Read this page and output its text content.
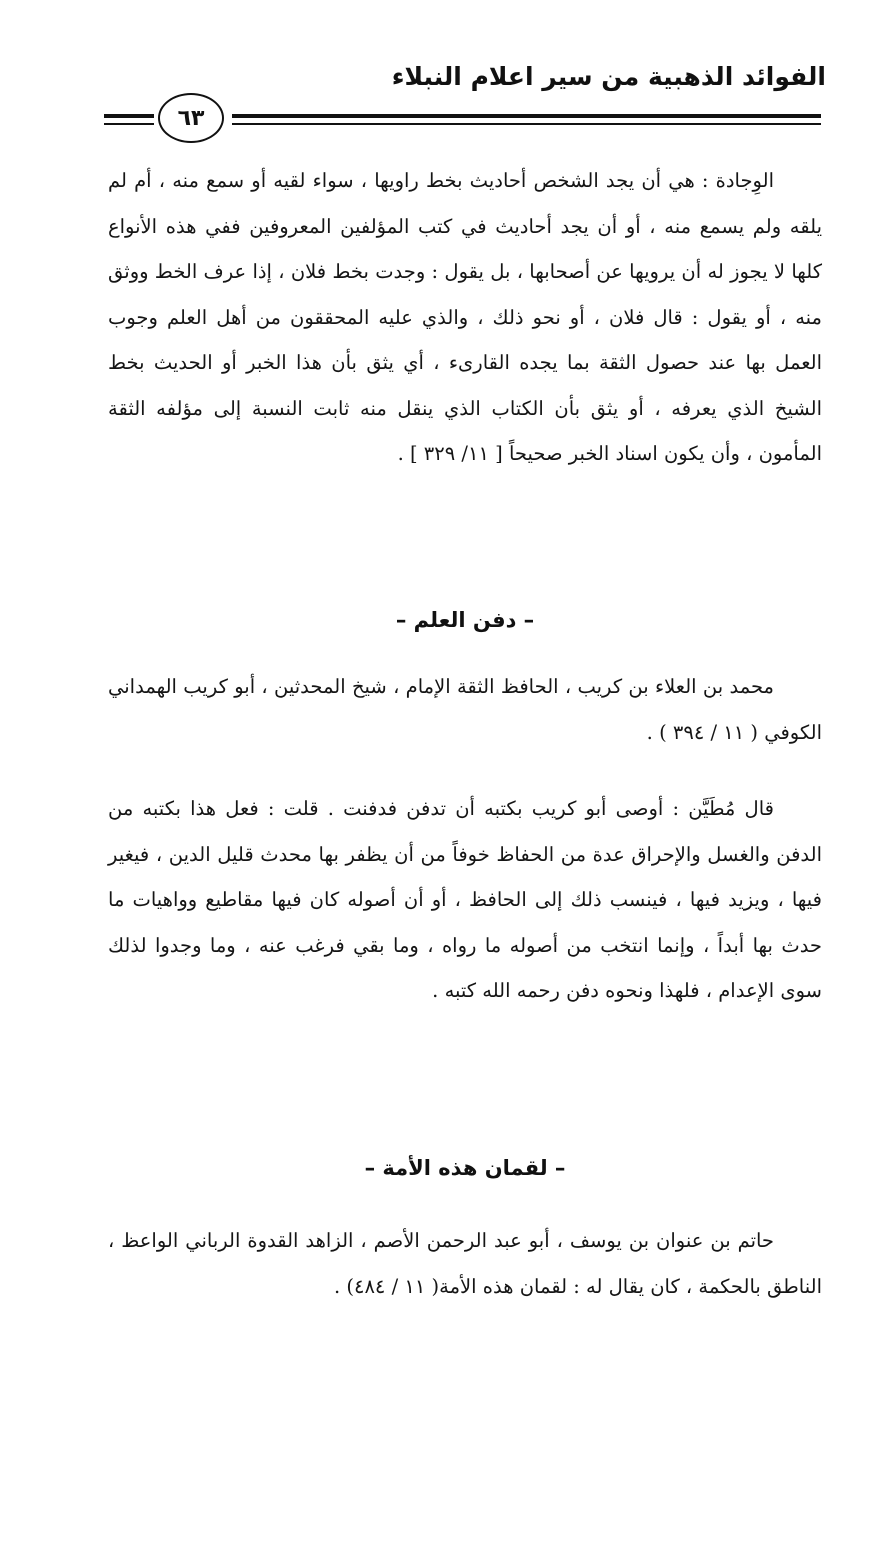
الفوائد الذهبية من سير اعلام النبلاء
٦٣

الوِجادة : هي أن يجد الشخص أحاديث بخط راويها ، سواء لقيه أو سمع منه ، أم لم يلقه ولم يسمع منه ، أو أن يجد أحاديث في كتب المؤلفين المعروفين ففي هذه الأنواع كلها لا يجوز له أن يرويها عن أصحابها ، بل يقول : وجدت بخط فلان ، إذا عرف الخط ووثق منه ، أو يقول : قال فلان ، أو نحو ذلك ، والذي عليه المحققون من أهل العلم وجوب العمل بها عند حصول الثقة بما يجده القارىء ، أي يثق بأن هذا الخبر أو الحديث بخط الشيخ الذي يعرفه ، أو يثق بأن الكتاب الذي ينقل منه ثابت النسبة إلى مؤلفه الثقة المأمون ، وأن يكون اسناد الخبر صحيحاً [ ١١/ ٣٢٩ ] .

– دفن العلم –

محمد بن العلاء بن كريب ، الحافظ الثقة الإمام ، شيخ المحدثين ، أبو كريب الهمداني الكوفي ( ١١ / ٣٩٤ ) .

قال مُطَيَّن : أوصى أبو كريب بكتبه أن تدفن فدفنت . قلت : فعل هذا بكتبه من الدفن والغسل والإحراق عدة من الحفاظ خوفاً من أن يظفر بها محدث قليل الدين ، فيغير فيها ، ويزيد فيها ، فينسب ذلك إلى الحافظ ، أو أن أصوله كان فيها مقاطيع وواهيات ما حدث بها أبداً ، وإنما انتخب من أصوله ما رواه ، وما بقي فرغب عنه ، وما وجدوا لذلك سوى الإعدام ، فلهذا ونحوه دفن رحمه الله كتبه .

– لقمان هذه الأمة –

حاتم بن عنوان بن يوسف ، أبو عبد الرحمن الأصم ، الزاهد القدوة الرباني الواعظ ، الناطق بالحكمة ، كان يقال له : لقمان هذه الأمة( ١١ / ٤٨٤) .
